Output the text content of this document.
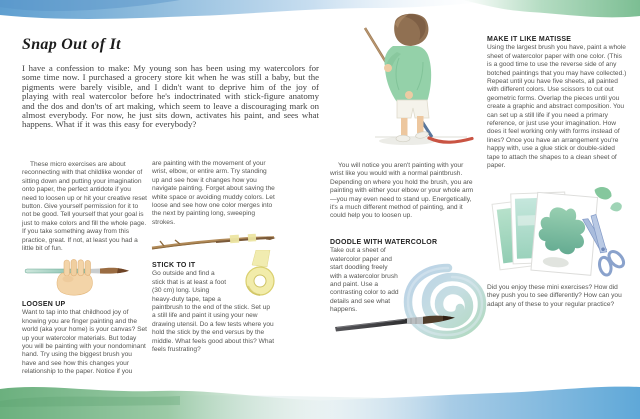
Snap Out of It
I have a confession to make: My young son has been using my watercolors for some time now. I purchased a grocery store kit when he was still a baby, but the pigments were barely visible, and I didn't want to deprive him of the joy of playing with real watercolor before he's indoctrinated with stick-figure anatomy and the dos and don'ts of art making, which seem to leave a discouraging mark on almost everybody. For now, he just sits down, activates his paint, and sees what happens. What if it was this easy for everybody?

These micro exercises are about reconnecting with that childlike wonder of sitting down and putting your imagination onto paper, the perfect antidote if you need to loosen up or hit your creative reset button. Give yourself permission for it to not be good. Tell yourself that your goal is just to make colors and fill the whole page. If you take something away from this practice, great. If not, at least you had a little bit of fun.

LOOSEN UP

Want to tap into that childhood joy of knowing you are finger painting and the world (aka your home) is your canvas? Set up your watercolor materials. But today you will be painting with your nondominant hand. Try using the biggest brush you have and see how this changes your relationship to the paper. Notice if you

are painting with the movement of your wrist, elbow, or entire arm. Try standing up and see how it changes how you navigate painting. Forget about saving the white space or avoiding muddy colors. Let loose and see how one color merges into the next by painting long, sweeping strokes.

STICK TO IT

Go outside and find a stick that is at least a foot (30 cm) long. Using heavy-duty tape, tape a paintbrush to the end of the stick. Set up a still life and paint it using your new drawing utensil. Do a few tests where you hold the stick by the end versus by the middle. What feels good about this? What feels frustrating?

You will notice you aren't painting with your wrist like you would with a normal paintbrush. Depending on where you hold the brush, you are painting with either your elbow or your whole arm—you may even need to stand up. Energetically, it's a much different method of painting, and it could help you to loosen up.

DOODLE WITH WATERCOLOR

Take out a sheet of watercolor paper and start doodling freely with a watercolor brush and paint. Use a contrasting color to add details and see what happens.

MAKE IT LIKE MATISSE

Using the largest brush you have, paint a whole sheet of watercolor paper with one color. (This is a good time to use the reverse side of any botched paintings that you may have collected.) Repeat until you have five sheets, all painted with different colors. Use scissors to cut out geometric forms. Overlap the pieces until you create a graphic and abstract composition. You can set up a still life if you need a primary reference, or just use your imagination. How does it feel working only with forms instead of lines? Once you have an arrangement you're happy with, use a glue stick or double-sided tape to attach the shapes to a clean sheet of paper.

Did you enjoy these mini exercises? How did they push you to see differently? How can you adapt any of these to your regular practice?
